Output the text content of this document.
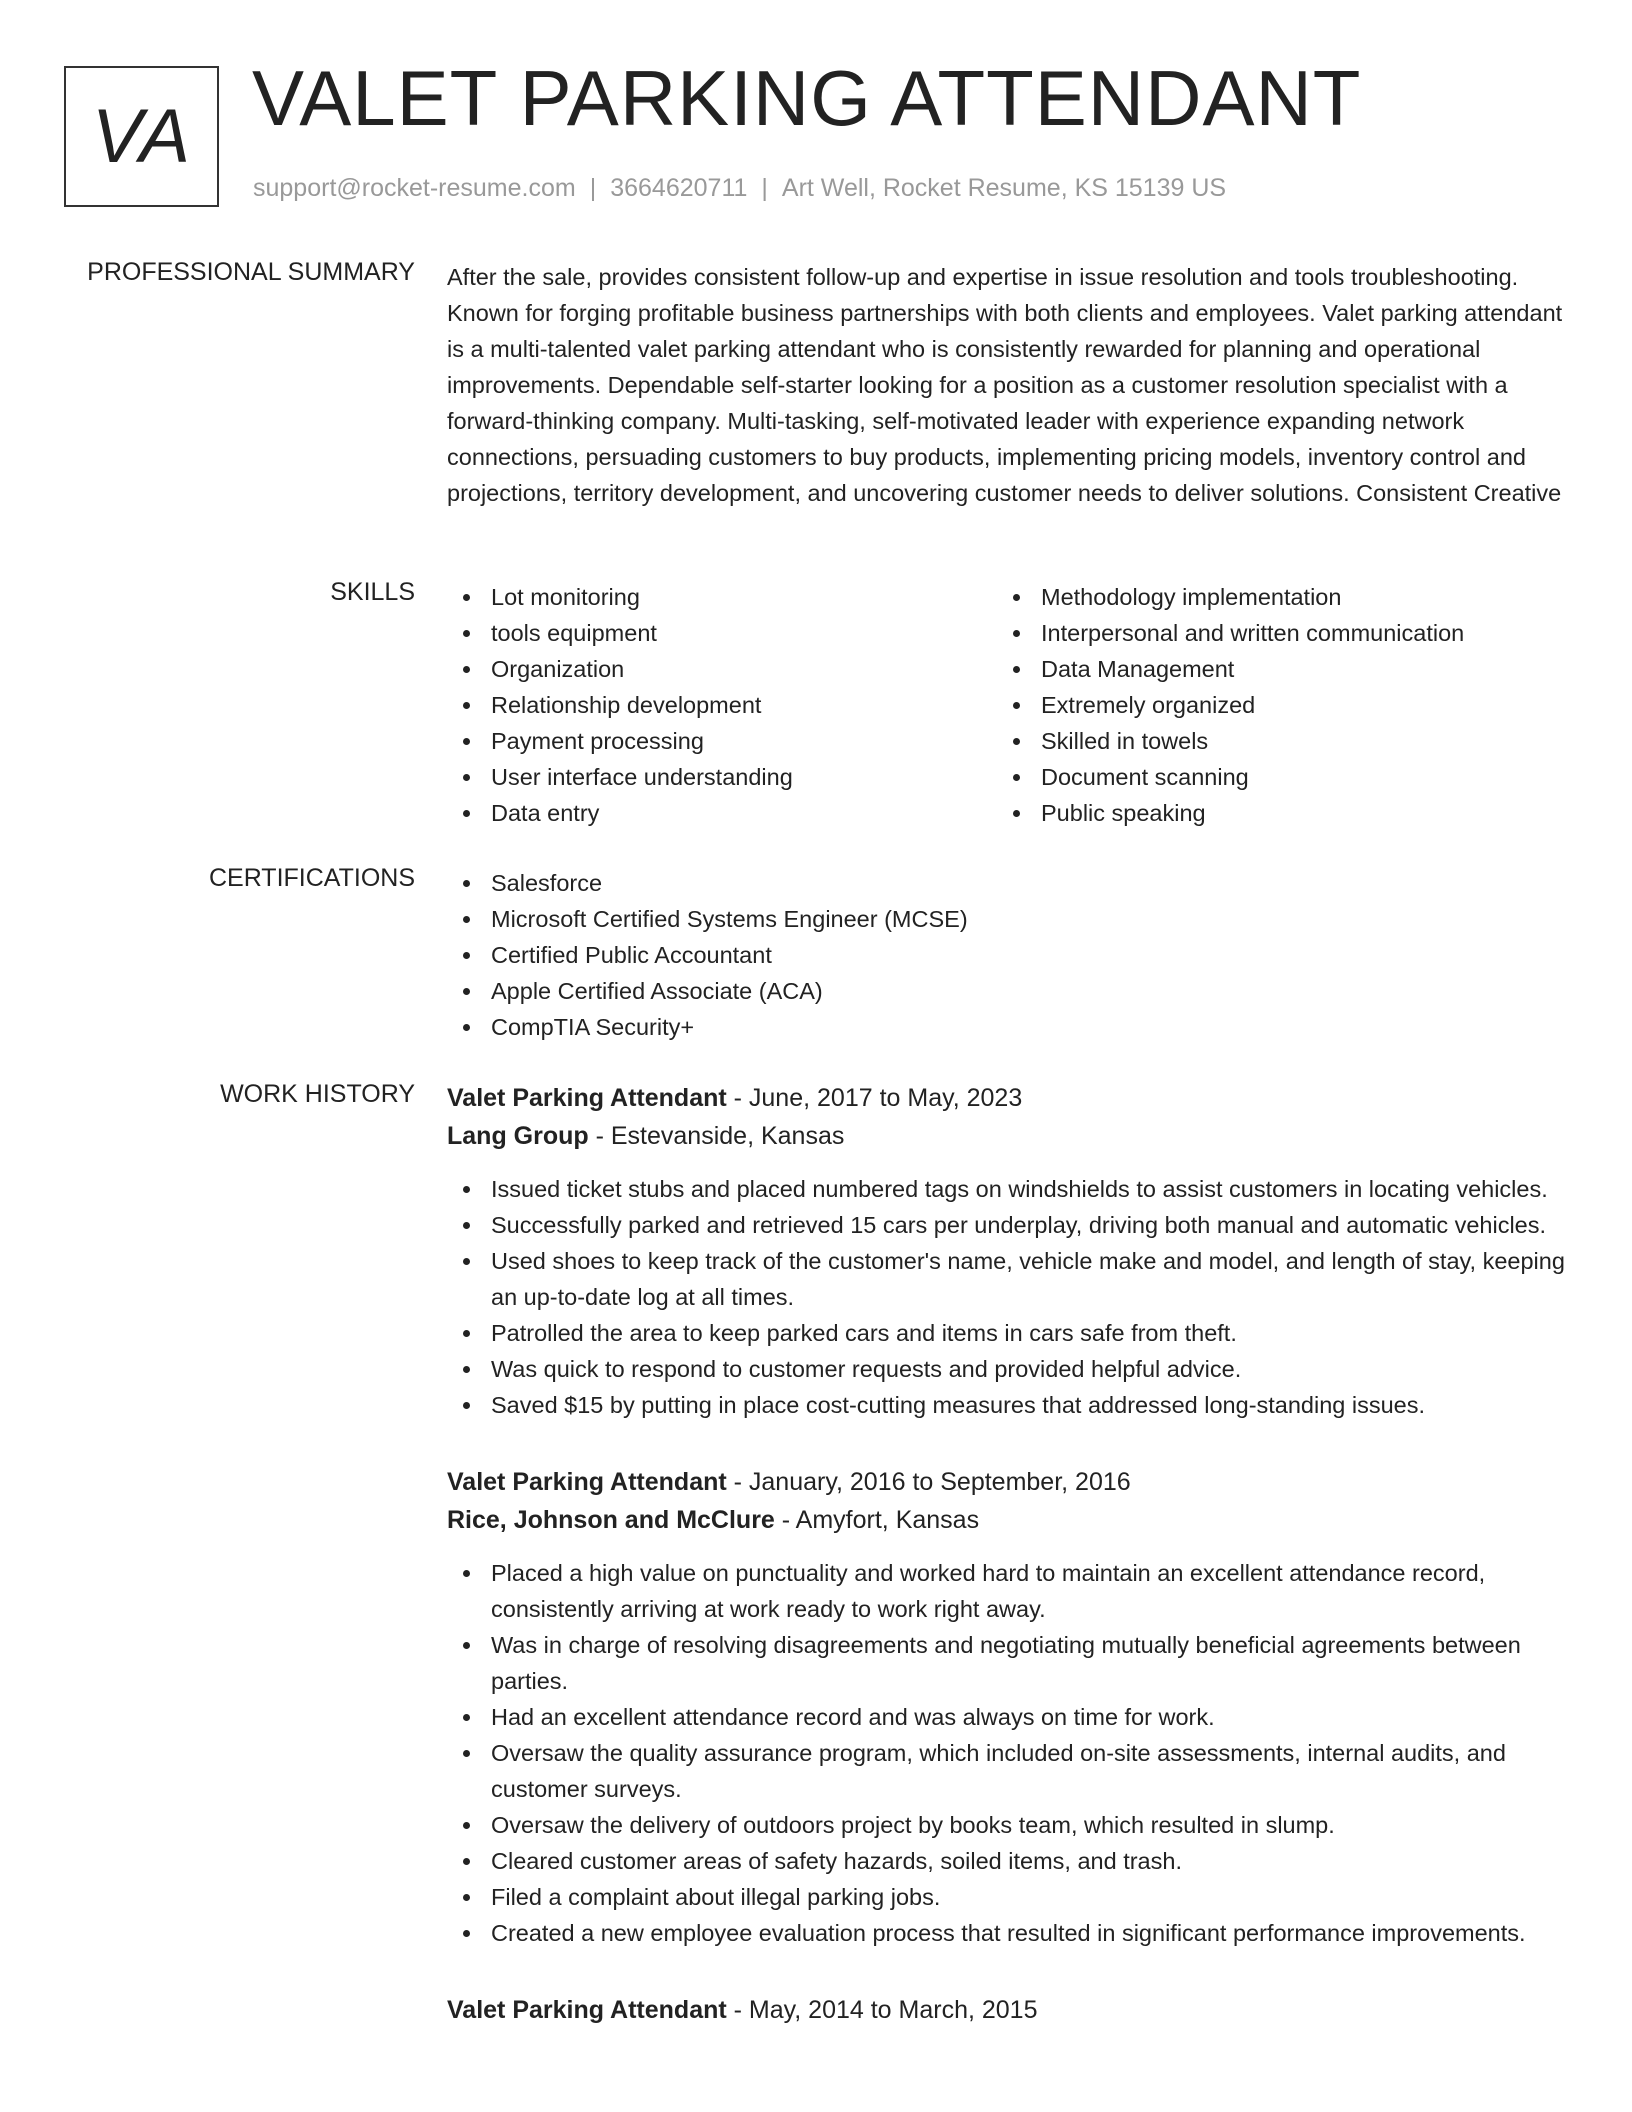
VA VALET PARKING ATTENDANT
support@rocket-resume.com | 3664620711 | Art Well, Rocket Resume, KS 15139 US
PROFESSIONAL SUMMARY After the sale, provides consistent follow-up and expertise in issue resolution and tools troubleshooting. Known for forging profitable business partnerships with both clients and employees. Valet parking attendant is a multi-talented valet parking attendant who is consistently rewarded for planning and operational improvements. Dependable self-starter looking for a position as a customer resolution specialist with a forward-thinking company. Multi-tasking, self-motivated leader with experience expanding network connections, persuading customers to buy products, implementing pricing models, inventory control and projections, territory development, and uncovering customer needs to deliver solutions. Consistent Creative
SKILLS	Lot monitoring
tools equipment
Organization
Relationship development
Payment processing
User interface understanding
Data entry
Methodology implementation
Interpersonal and written communication
Data Management
Extremely organized
Skilled in towels
Document scanning
Public speaking
CERTIFICATIONS	Salesforce
Microsoft Certified Systems Engineer (MCSE)
Certified Public Accountant
Apple Certified Associate (ACA)
CompTIA Security+
WORK HISTORY Valet Parking Attendant - June, 2017 to May, 2023
Lang Group - Estevanside, Kansas
Issued ticket stubs and placed numbered tags on windshields to assist customers in locating vehicles.
Successfully parked and retrieved 15 cars per underplay, driving both manual and automatic vehicles.
Used shoes to keep track of the customer's name, vehicle make and model, and length of stay, keeping an up-to-date log at all times.
Patrolled the area to keep parked cars and items in cars safe from theft.
Was quick to respond to customer requests and provided helpful advice.
Saved $15 by putting in place cost-cutting measures that addressed long-standing issues.
Valet Parking Attendant - January, 2016 to September, 2016
Rice, Johnson and McClure - Amyfort, Kansas
Placed a high value on punctuality and worked hard to maintain an excellent attendance record, consistently arriving at work ready to work right away.
Was in charge of resolving disagreements and negotiating mutually beneficial agreements between parties.
Had an excellent attendance record and was always on time for work.
Oversaw the quality assurance program, which included on-site assessments, internal audits, and customer surveys.
Oversaw the delivery of outdoors project by books team, which resulted in slump.
Cleared customer areas of safety hazards, soiled items, and trash.
Filed a complaint about illegal parking jobs.
Created a new employee evaluation process that resulted in significant performance improvements.
Valet Parking Attendant - May, 2014 to March, 2015
